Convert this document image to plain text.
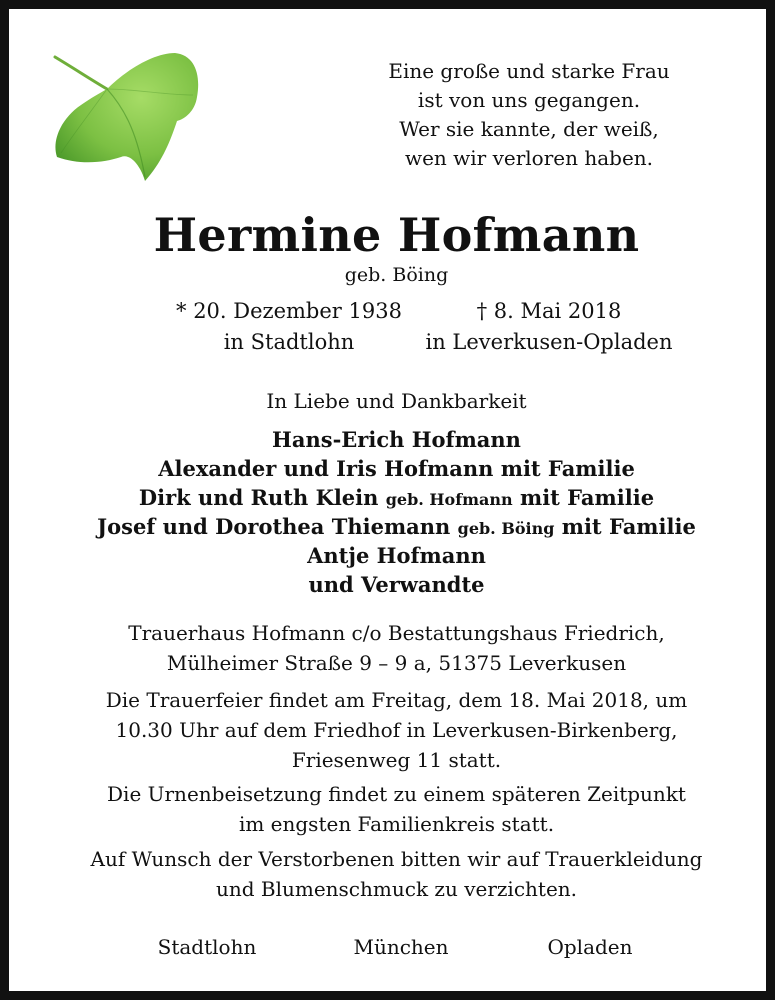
Eine große und starke Frau
ist von uns gegangen.
Wer sie kannte, der weiß,
wen wir verloren haben.
Hermine Hofmann
geb. Böing
* 20. Dezember 1938
in Stadtlohn
† 8. Mai 2018
in Leverkusen-Opladen
In Liebe und Dankbarkeit
Hans-Erich Hofmann
Alexander und Iris Hofmann mit Familie
Dirk und Ruth Klein geb. Hofmann mit Familie
Josef und Dorothea Thiemann geb. Böing mit Familie
Antje Hofmann
und Verwandte
Trauerhaus Hofmann c/o Bestattungshaus Friedrich,
Mülheimer Straße 9 – 9 a, 51375 Leverkusen
Die Trauerfeier findet am Freitag, dem 18. Mai 2018, um
10.30 Uhr auf dem Friedhof in Leverkusen-Birkenberg,
Friesenweg 11 statt.
Die Urnenbeisetzung findet zu einem späteren Zeitpunkt
im engsten Familienkreis statt.
Auf Wunsch der Verstorbenen bitten wir auf Trauerkleidung
und Blumenschmuck zu verzichten.
Stadtlohn	München	Opladen
